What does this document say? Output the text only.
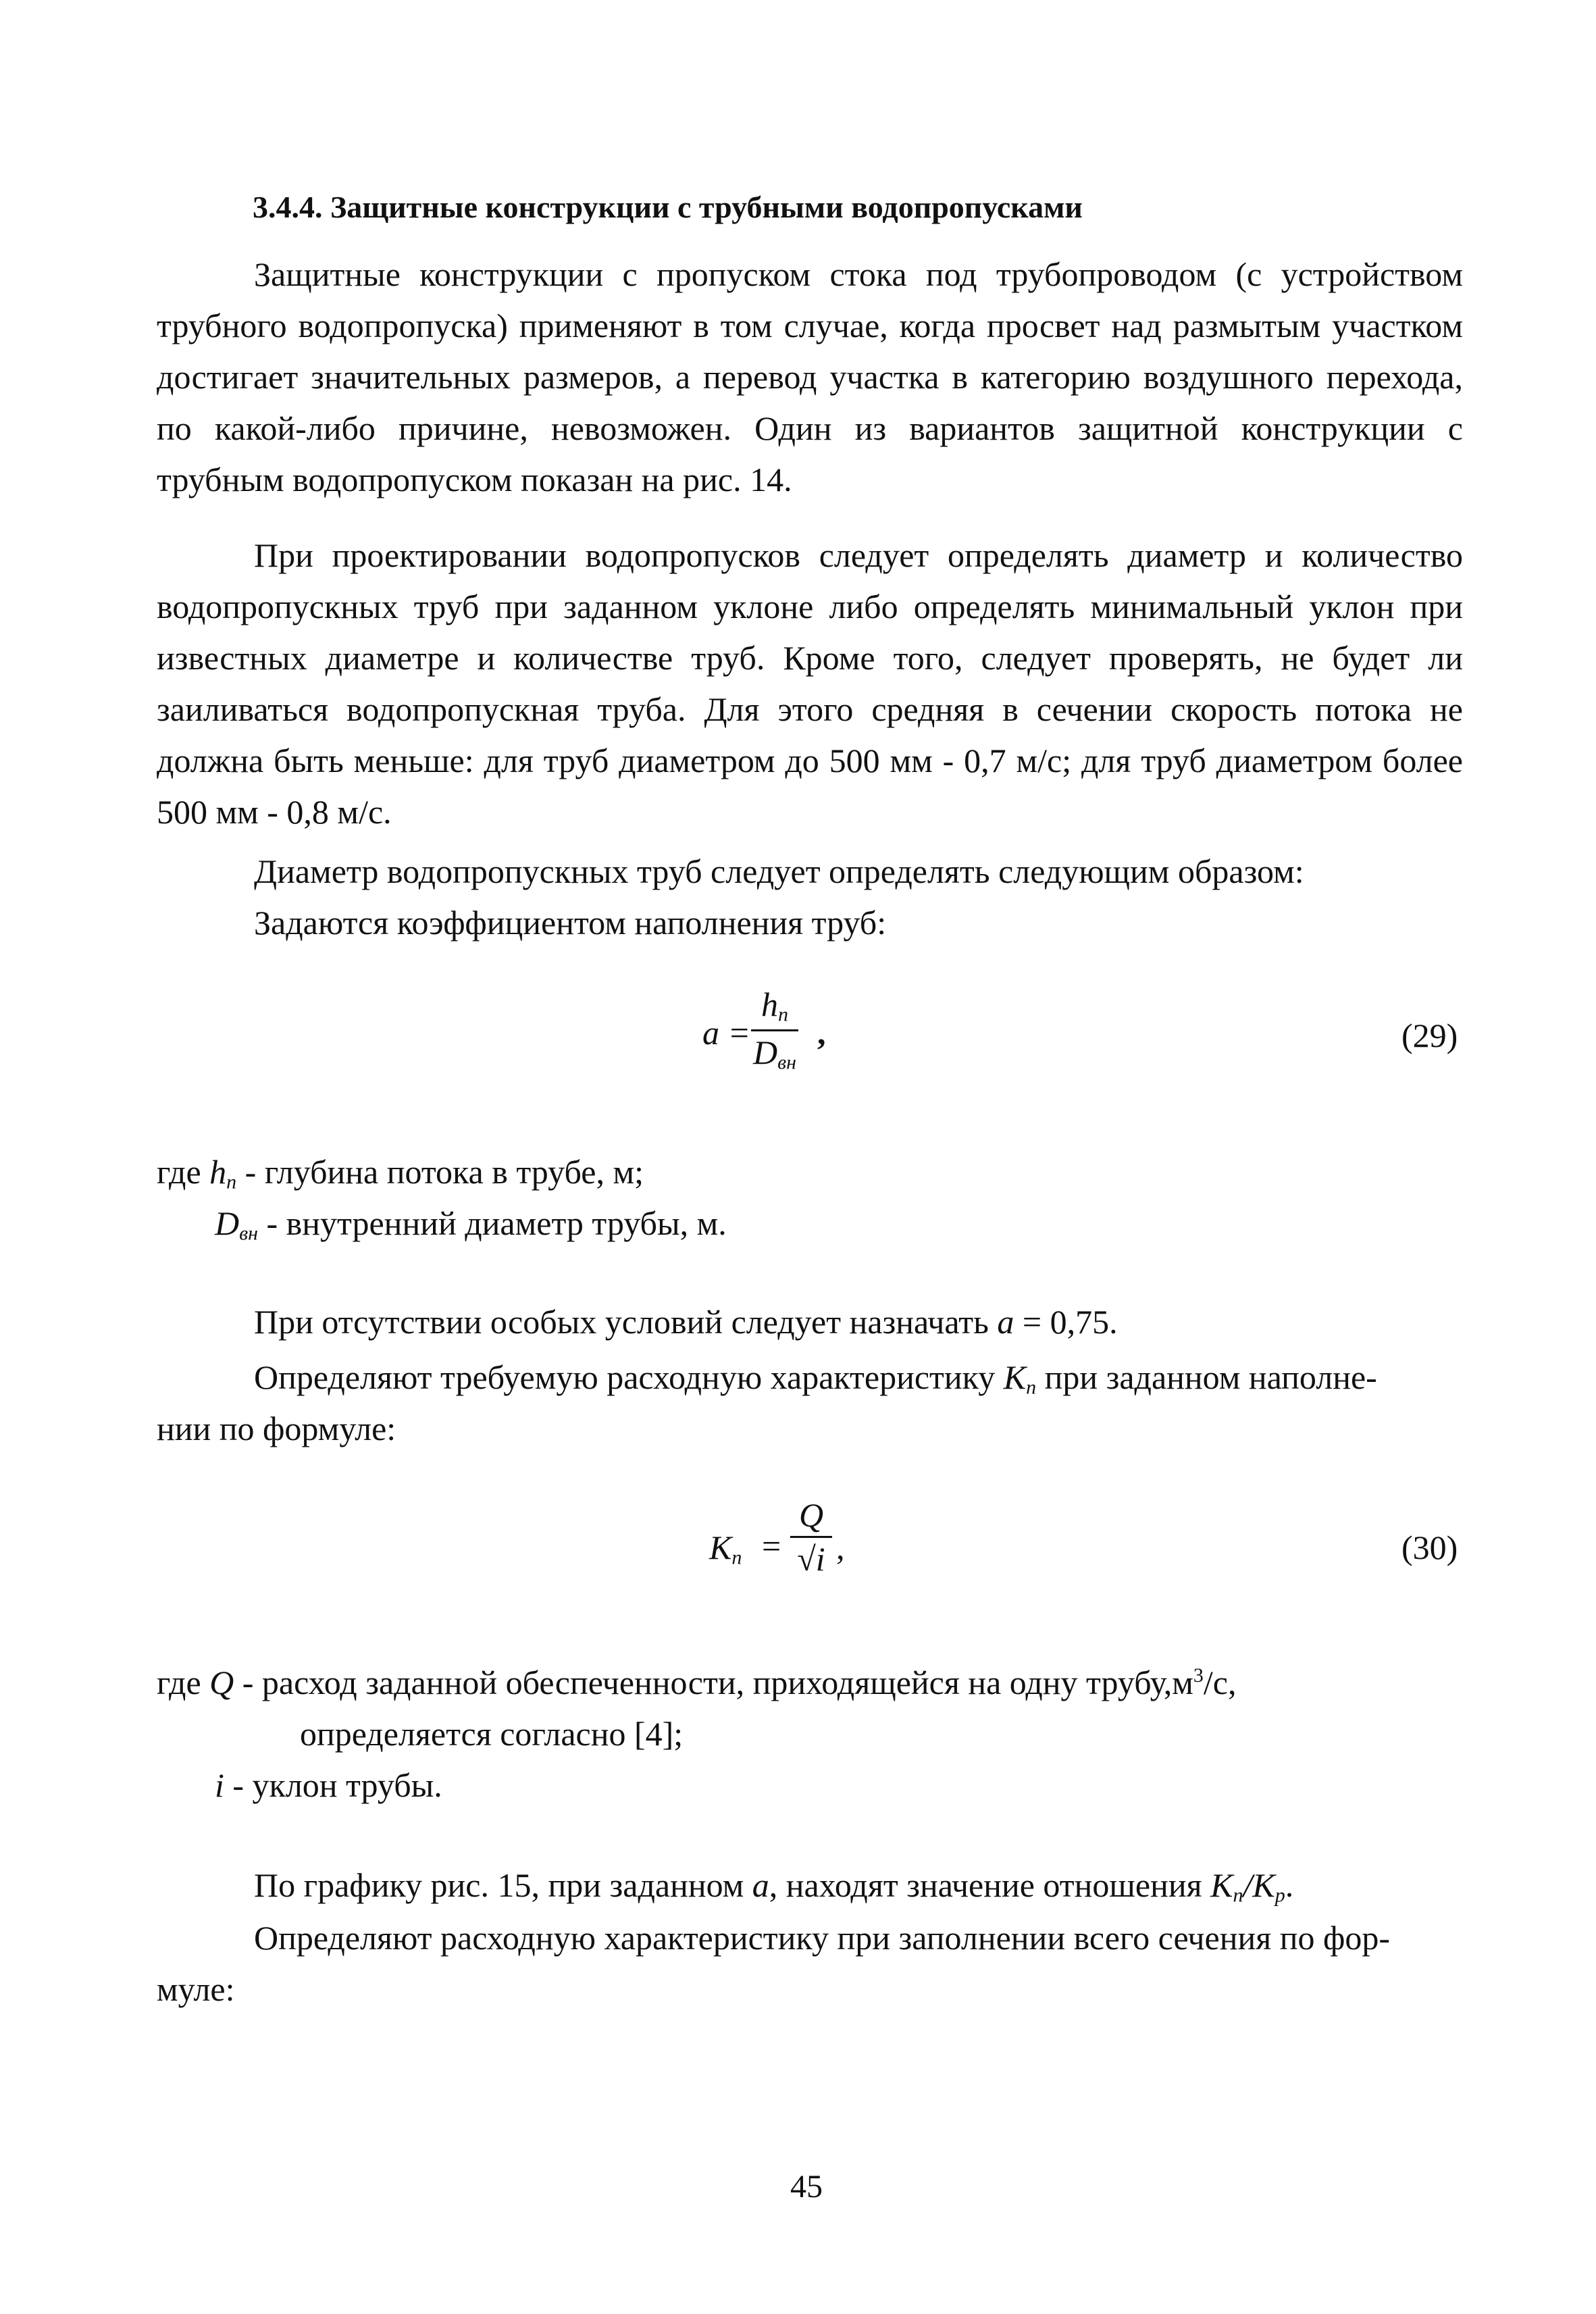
3.4.4. Защитные конструкции с трубными водопропусками

Защитные конструкции с пропуском стока под трубопроводом (с устройством трубного водопропуска) применяют в том случае, когда просвет над размытым участком достигает значительных размеров, а перевод участка в категорию воздушного перехода, по какой-либо причине, невозможен. Один из вариантов защитной конструкции с трубным водопропуском показан на рис. 14.

При проектировании водопропусков следует определять диаметр и количество водопропускных труб при заданном уклоне либо определять минимальный уклон при известных диаметре и количестве труб. Кроме того, следует проверять, не будет ли заиливаться водопропускная труба. Для этого средняя в сечении скорость потока не должна быть меньше: для труб диаметром до 500 мм - 0,7 м/с; для труб диаметром более 500 мм - 0,8 м/с.

Диаметр водопропускных труб следует определять следующим образом:

Задаются коэффициентом наполнения труб:

a =
$h_п$
$D_{вн}$
,	(29)

где $h_п$ - глубина потока в трубе, м;

$D_{вн}$ - внутренний диаметр трубы, м.

При отсутствии особых условий следует назначать a = 0,75.

Определяют требуемую расходную характеристику $K_п$ при заданном наполне-

нии по формуле:

$K_п$ =
Q
√i ,	(30)

где Q - расход заданной обеспеченности, приходящейся на одну $трубу,м^3/с$,

определяется согласно [4];

i - уклон трубы.

По графику рис. 15, при заданном a, находят значение отношения $K_п/K_р$.

Определяют расходную характеристику при заполнении всего сечения по фор-

муле:

45
